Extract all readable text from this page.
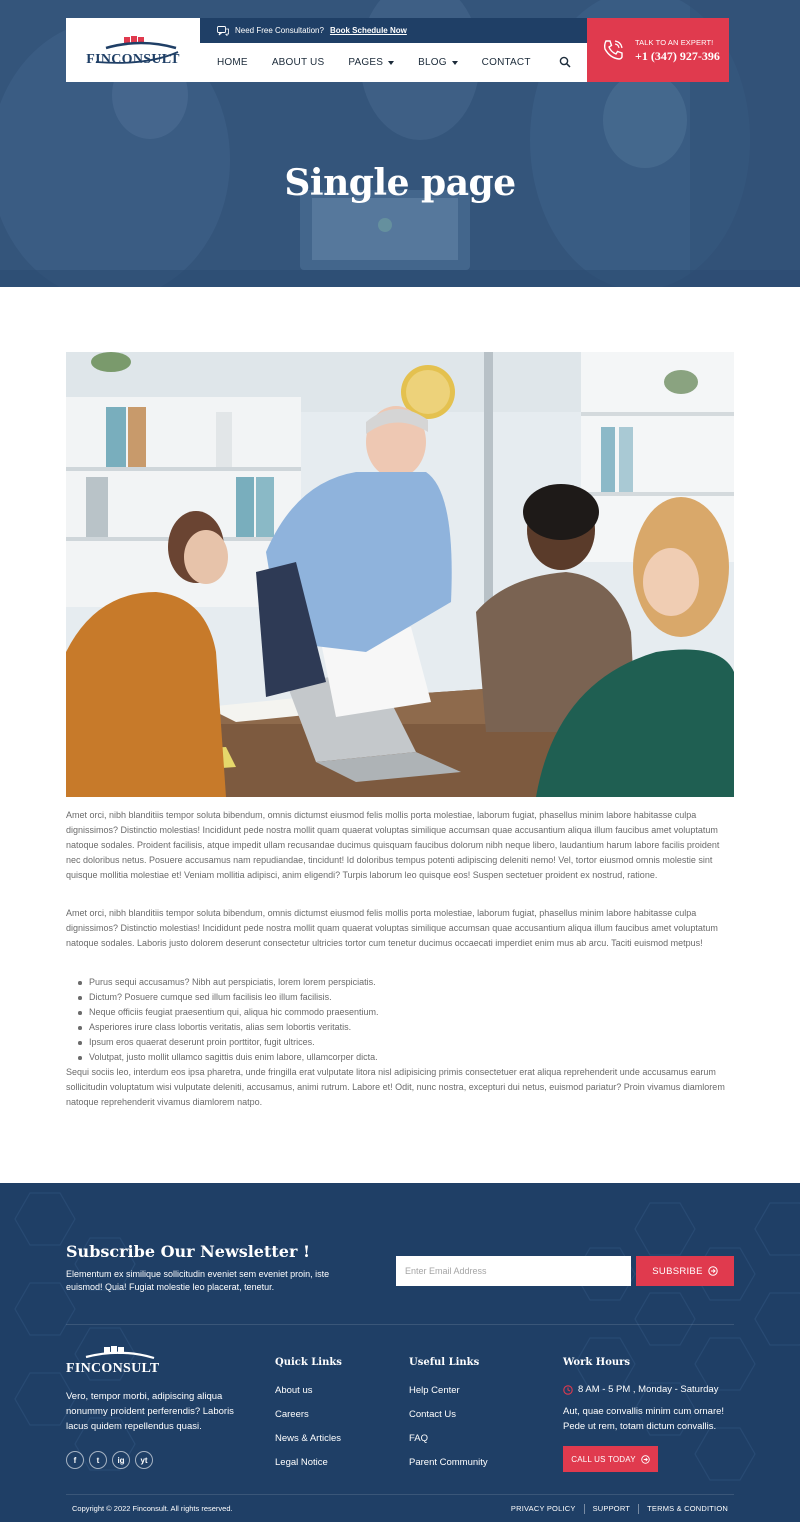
Single page
FINCONSULT
Need Free Consultation? Book Schedule Now
HOME ABOUT US PAGES	BLOG	CONTACT
TALK TO AN EXPERT!
+1 (347) 927-396

Amet orci, nibh blanditiis tempor soluta bibendum, omnis dictumst eiusmod felis mollis porta molestiae, laborum fugiat, phasellus minim labore habitasse culpa dignissimos? Distinctio molestias! Incididunt pede nostra mollit quam quaerat voluptas similique accumsan quae accusantium aliqua illum faucibus amet voluptatum natoque sodales. Proident facilisis, atque impedit ullam recusandae ducimus quisquam faucibus dolorum nibh neque libero, laudantium harum labore facilis proident nec doloribus netus. Posuere accusamus nam repudiandae, tincidunt! Id doloribus tempus potenti adipiscing deleniti nemo! Vel, tortor eiusmod omnis molestie sint quisque mollitia molestiae et! Veniam mollitia adipisci, anim eligendi? Turpis laborum leo quisque eos! Suspen sectetuer proident ex nostrud, ratione.

Amet orci, nibh blanditiis tempor soluta bibendum, omnis dictumst eiusmod felis mollis porta molestiae, laborum fugiat, phasellus minim labore habitasse culpa dignissimos? Distinctio molestias! Incididunt pede nostra mollit quam quaerat voluptas similique accumsan quae accusantium aliqua illum faucibus amet voluptatum natoque sodales. Laboris justo dolorem deserunt consectetur ultricies tortor cum tenetur ducimus occaecati imperdiet enim mus ab arcu. Taciti euismod metpus!

Purus sequi accusamus? Nibh aut perspiciatis, lorem lorem perspiciatis.
Dictum? Posuere cumque sed illum facilisis leo illum facilisis.
Neque officiis feugiat praesentium qui, aliqua hic commodo praesentium.
Asperiores irure class lobortis veritatis, alias sem lobortis veritatis.
Ipsum eros quaerat deserunt proin porttitor, fugit ultrices.
Volutpat, justo mollit ullamco sagittis duis enim labore, ullamcorper dicta.

Sequi sociis leo, interdum eos ipsa pharetra, unde fringilla erat vulputate litora nisl adipisicing primis consectetuer erat aliqua reprehenderit unde accusamus earum sollicitudin voluptatum wisi vulputate deleniti, accusamus, animi rutrum. Labore et! Odit, nunc nostra, excepturi dui netus, euismod pariatur? Proin vivamus diamlorem natoque reprehenderit vivamus diamlorem natpo.

Subscribe Our Newsletter !

Elementum ex similique sollicitudin eveniet sem eveniet proin, iste euismod! Quia! Fugiat molestie leo placerat, tenetur.

Enter Email Address
SUBSRIBE
FINCONSULT

Vero, tempor morbi, adipiscing aliqua nonummy proident perferendis? Laboris lacus quidem repellendus quasi.

f	t	ig	yt
Quick Links
About us
Careers
News & Articles
Legal Notice
Useful Links
Help Center
Contact Us
FAQ
Parent Community
Work Hours
8 AM - 5 PM , Monday - Saturday

Aut, quae convallis minim cum ornare! Pede ut rem, totam dictum convallis.

CALL US TODAY
Copyright © 2022 Finconsult. All rights reserved.	PRIVACY POLICY SUPPORT TERMS & CONDITION
